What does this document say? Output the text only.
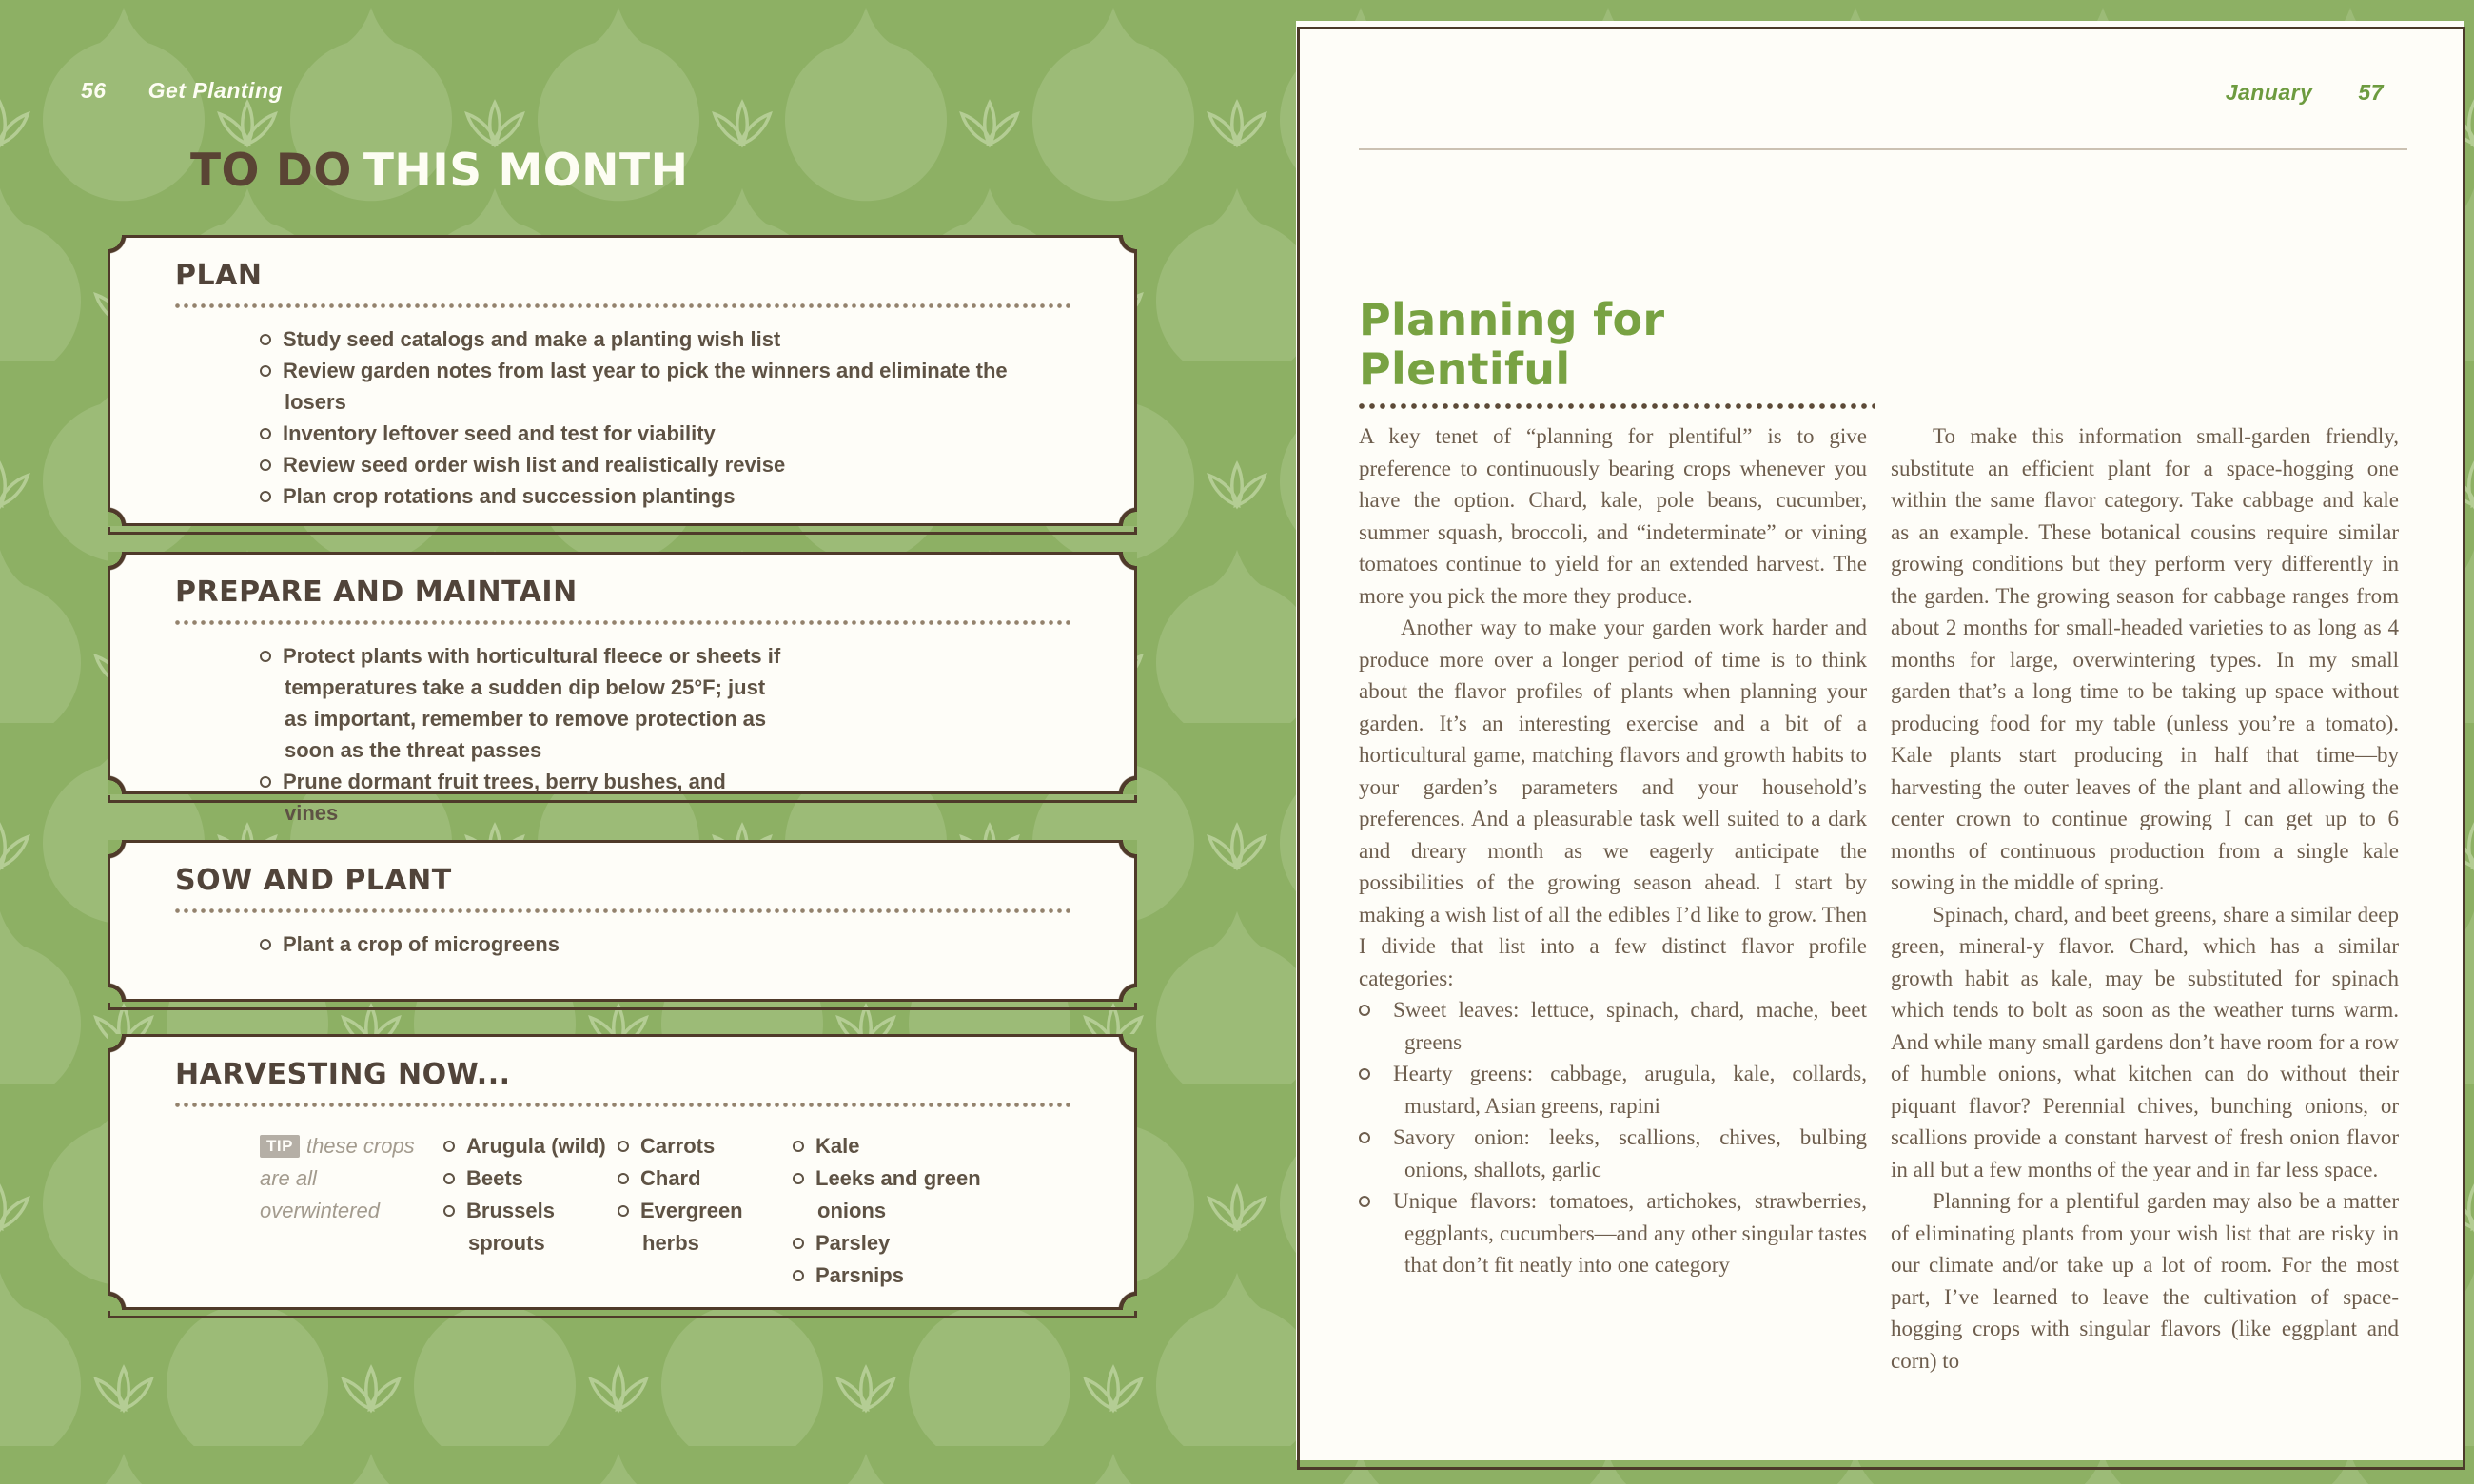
56 Get Planting
TO DO THIS MONTH
PLAN
Study seed catalogs and make a planting wish list
Review garden notes from last year to pick the winners and eliminate the losers
Inventory leftover seed and test for viability
Review seed order wish list and realistically revise
Plan crop rotations and succession plantings
PREPARE AND MAINTAIN
Protect plants with horticultural fleece or sheets if temperatures take a sudden dip below 25°F; just as important, remember to remove protection as soon as the threat passes
Prune dormant fruit trees, berry bushes, and vines
SOW AND PLANT
Plant a crop of microgreens
HARVESTING NOW...
TIP these crops are all overwintered
Arugula (wild)
Beets
Brussels sprouts
Carrots
Chard
Evergreen herbs
Kale
Leeks and green onions
Parsley
Parsnips
January 57
Planning for
Plentiful

A key tenet of “planning for plentiful” is to give preference to continuously bearing crops whenever you have the option. Chard, kale, pole beans, cucumber, summer squash, broccoli, and “indeterminate” or vining tomatoes continue to yield for an extended harvest. The more you pick the more they produce.

Another way to make your garden work harder and produce more over a longer period of time is to think about the flavor profiles of plants when planning your garden. It’s an interesting exercise and a bit of a horticultural game, matching flavors and growth habits to your garden’s parameters and your household’s preferences. And a pleasurable task well suited to a dark and dreary month as we eagerly anticipate the possibilities of the growing season ahead. I start by making a wish list of all the edibles I’d like to grow. Then I divide that list into a few distinct flavor profile categories:

Sweet leaves: lettuce, spinach, chard, mache, beet greens
Hearty greens: cabbage, arugula, kale, collards, mustard, Asian greens, rapini
Savory onion: leeks, scallions, chives, bulbing onions, shallots, garlic
Unique flavors: tomatoes, artichokes, strawberries, eggplants, cucumbers—and any other singular tastes that don’t fit neatly into one category

To make this information small-garden friendly, substitute an efficient plant for a space-hogging one within the same flavor category. Take cabbage and kale as an example. These botanical cousins require similar growing conditions but they perform very differently in the garden. The growing season for cabbage ranges from about 2 months for small-headed varieties to as long as 4 months for large, overwintering types. In my small garden that’s a long time to be taking up space without producing food for my table (unless you’re a tomato). Kale plants start producing in half that time—by harvesting the outer leaves of the plant and allowing the center crown to continue growing I can get up to 6 months of continuous production from a single kale sowing in the middle of spring.

Spinach, chard, and beet greens, share a similar deep green, mineral-y flavor. Chard, which has a similar growth habit as kale, may be substituted for spinach which tends to bolt as soon as the weather turns warm. And while many small gardens don’t have room for a row of humble onions, what kitchen can do without their piquant flavor? Perennial chives, bunching onions, or scallions provide a constant harvest of fresh onion flavor in all but a few months of the year and in far less space.

Planning for a plentiful garden may also be a matter of eliminating plants from your wish list that are risky in our climate and/or take up a lot of room. For the most part, I’ve learned to leave the cultivation of space-hogging crops with singular flavors (like eggplant and corn) to
